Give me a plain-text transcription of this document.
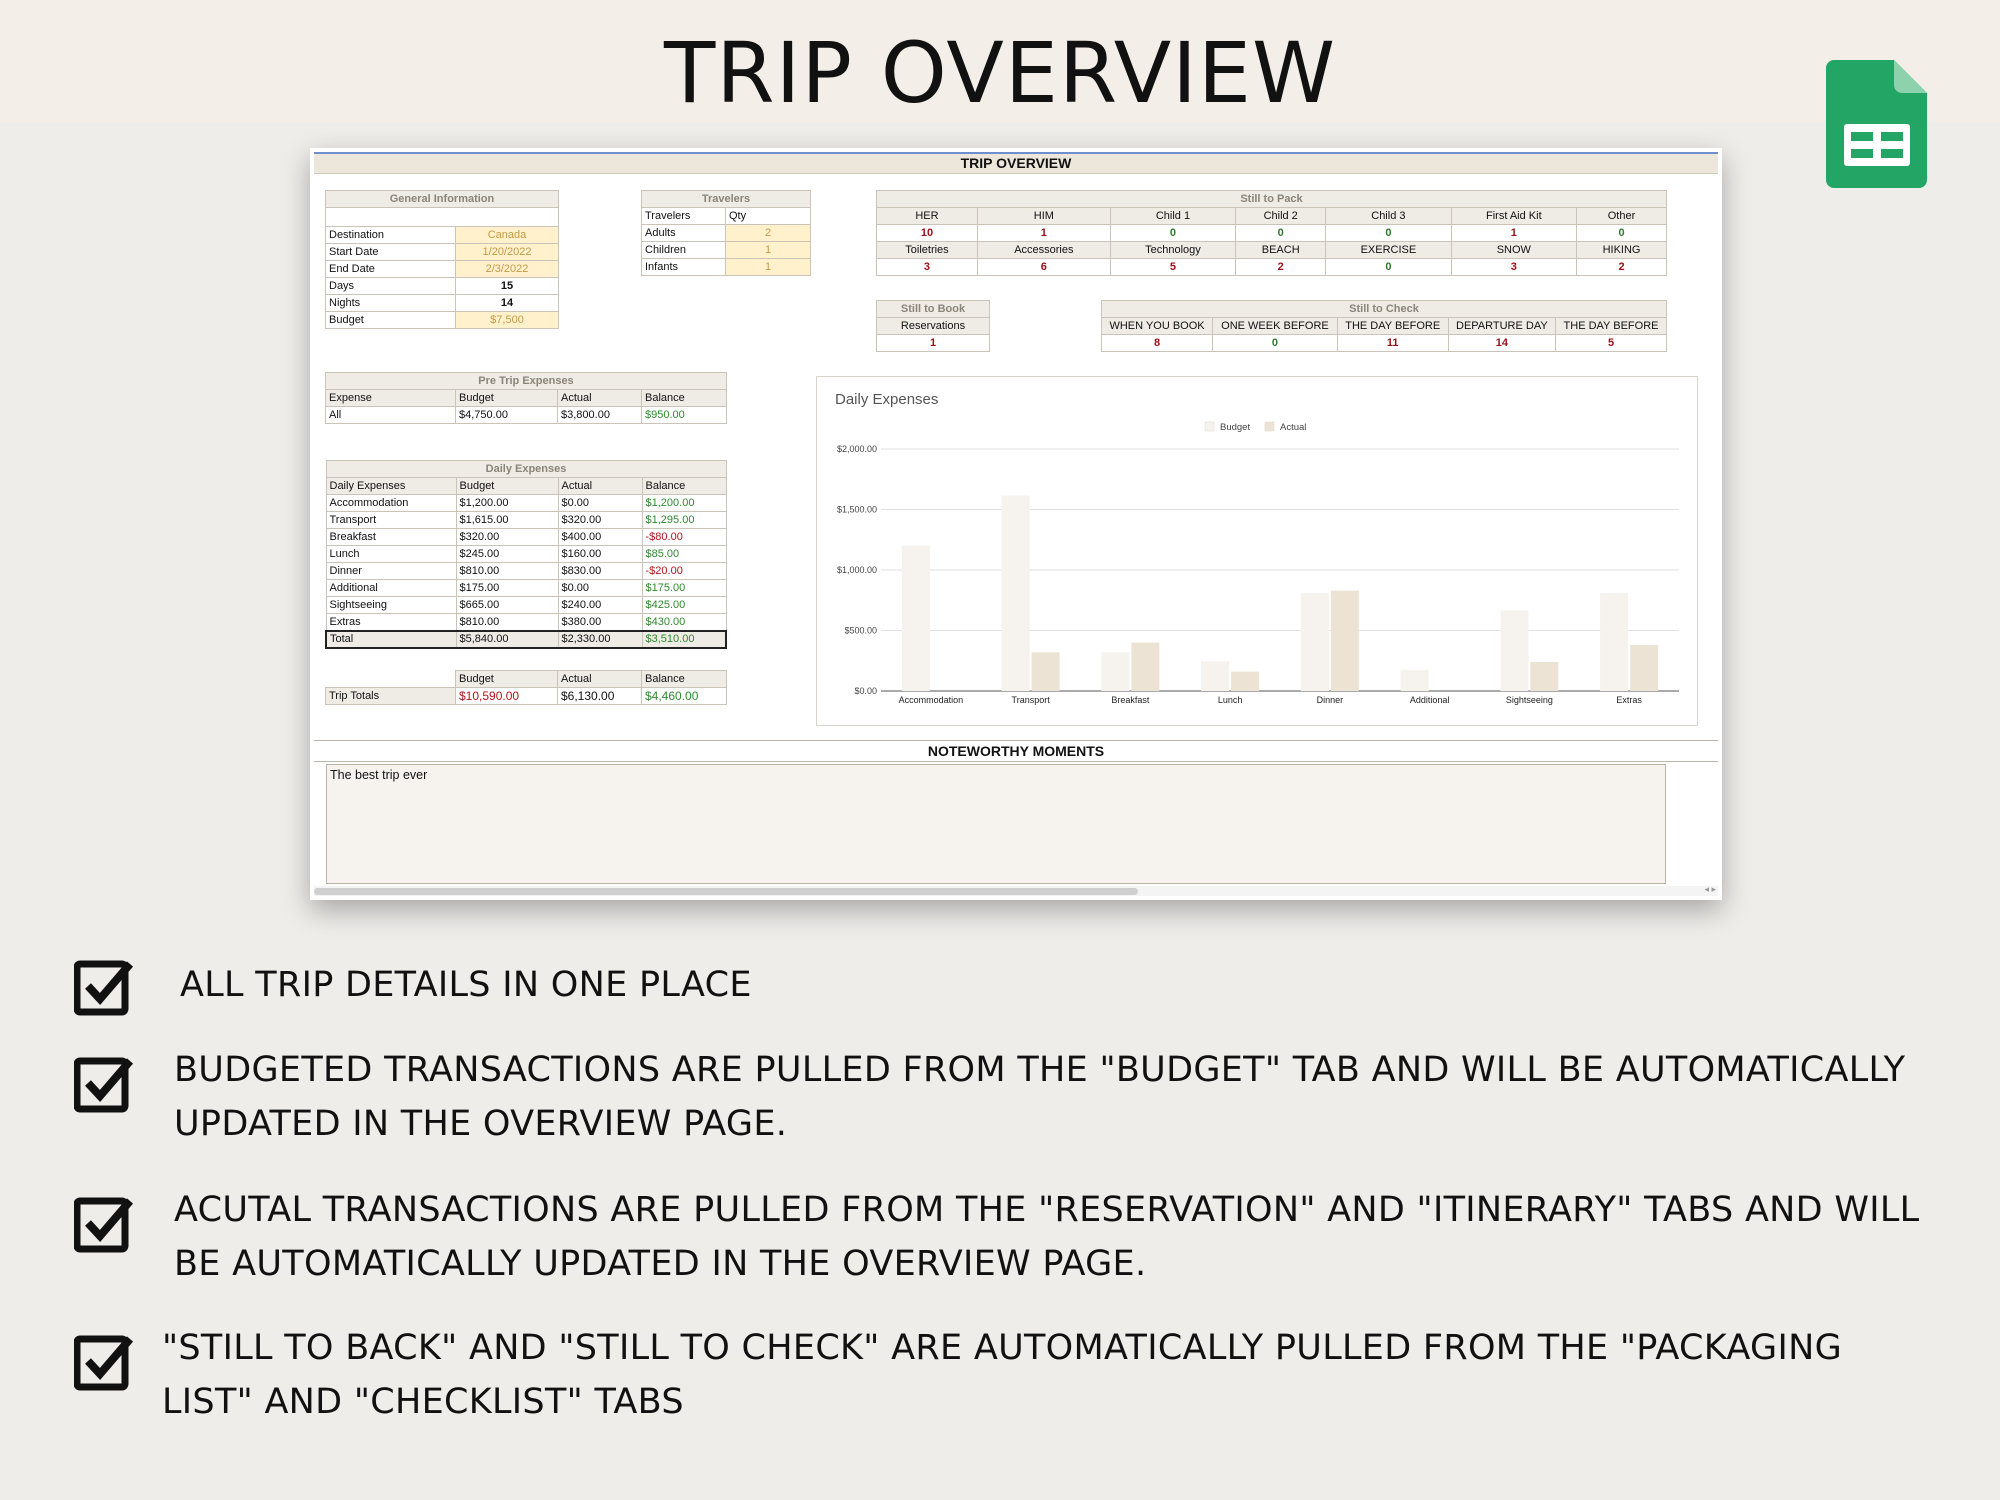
TRIP OVERVIEW
TRIP OVERVIEW
General Information	

Destination	Canada
Start Date	1/20/2022
End Date	2/3/2022
Days	15
Nights	14
Budget	$7,500
Travelers	
Travelers	Qty
Adults	2
Children	1
Infants	1
Still to Pack						
HER	HIM	Child 1	Child 2	Child 3	First Aid Kit	Other
10	1	0	0	0	1	0
Toiletries	Accessories	Technology	BEACH	EXERCISE	SNOW	HIKING
3	6	5	2	0	3	2
Still to Book
Reservations
1
Still to Check				
WHEN YOU BOOK	ONE WEEK BEFORE	THE DAY BEFORE	DEPARTURE DAY	THE DAY BEFORE
8	0	11	14	5
Pre Trip Expenses			
Expense	Budget	Actual	Balance
All	$4,750.00	$3,800.00	$950.00
Daily Expenses			
Daily Expenses	Budget	Actual	Balance
Accommodation	$1,200.00	$0.00	$1,200.00
Transport	$1,615.00	$320.00	$1,295.00
Breakfast	$320.00	$400.00	-$80.00
Lunch	$245.00	$160.00	$85.00
Dinner	$810.00	$830.00	-$20.00
Additional	$175.00	$0.00	$175.00
Sightseeing	$665.00	$240.00	$425.00
Extras	$810.00	$380.00	$430.00
Total	$5,840.00	$2,330.00	$3,510.00
	Budget	Actual	Balance
Trip Totals	$10,590.00	$6,130.00	$4,460.00
Daily Expenses
$0.00
$500.00
$1,000.00
$1,500.00
$2,000.00
Accommodation	Transport	Breakfast	Lunch	Dinner	Additional	Sightseeing	Extras
Budget	Actual
NOTEWORTHY MOMENTS
The best trip ever
◂ ▸
ALL TRIP DETAILS IN ONE PLACE
BUDGETED TRANSACTIONS ARE PULLED FROM THE "BUDGET" TAB AND WILL BE AUTOMATICALLY
UPDATED IN THE OVERVIEW PAGE.
ACUTAL TRANSACTIONS ARE PULLED FROM THE "RESERVATION" AND "ITINERARY" TABS AND WILL
BE AUTOMATICALLY UPDATED IN THE OVERVIEW PAGE.
"STILL TO BACK" AND "STILL TO CHECK" ARE AUTOMATICALLY PULLED FROM THE "PACKAGING
LIST" AND "CHECKLIST" TABS
